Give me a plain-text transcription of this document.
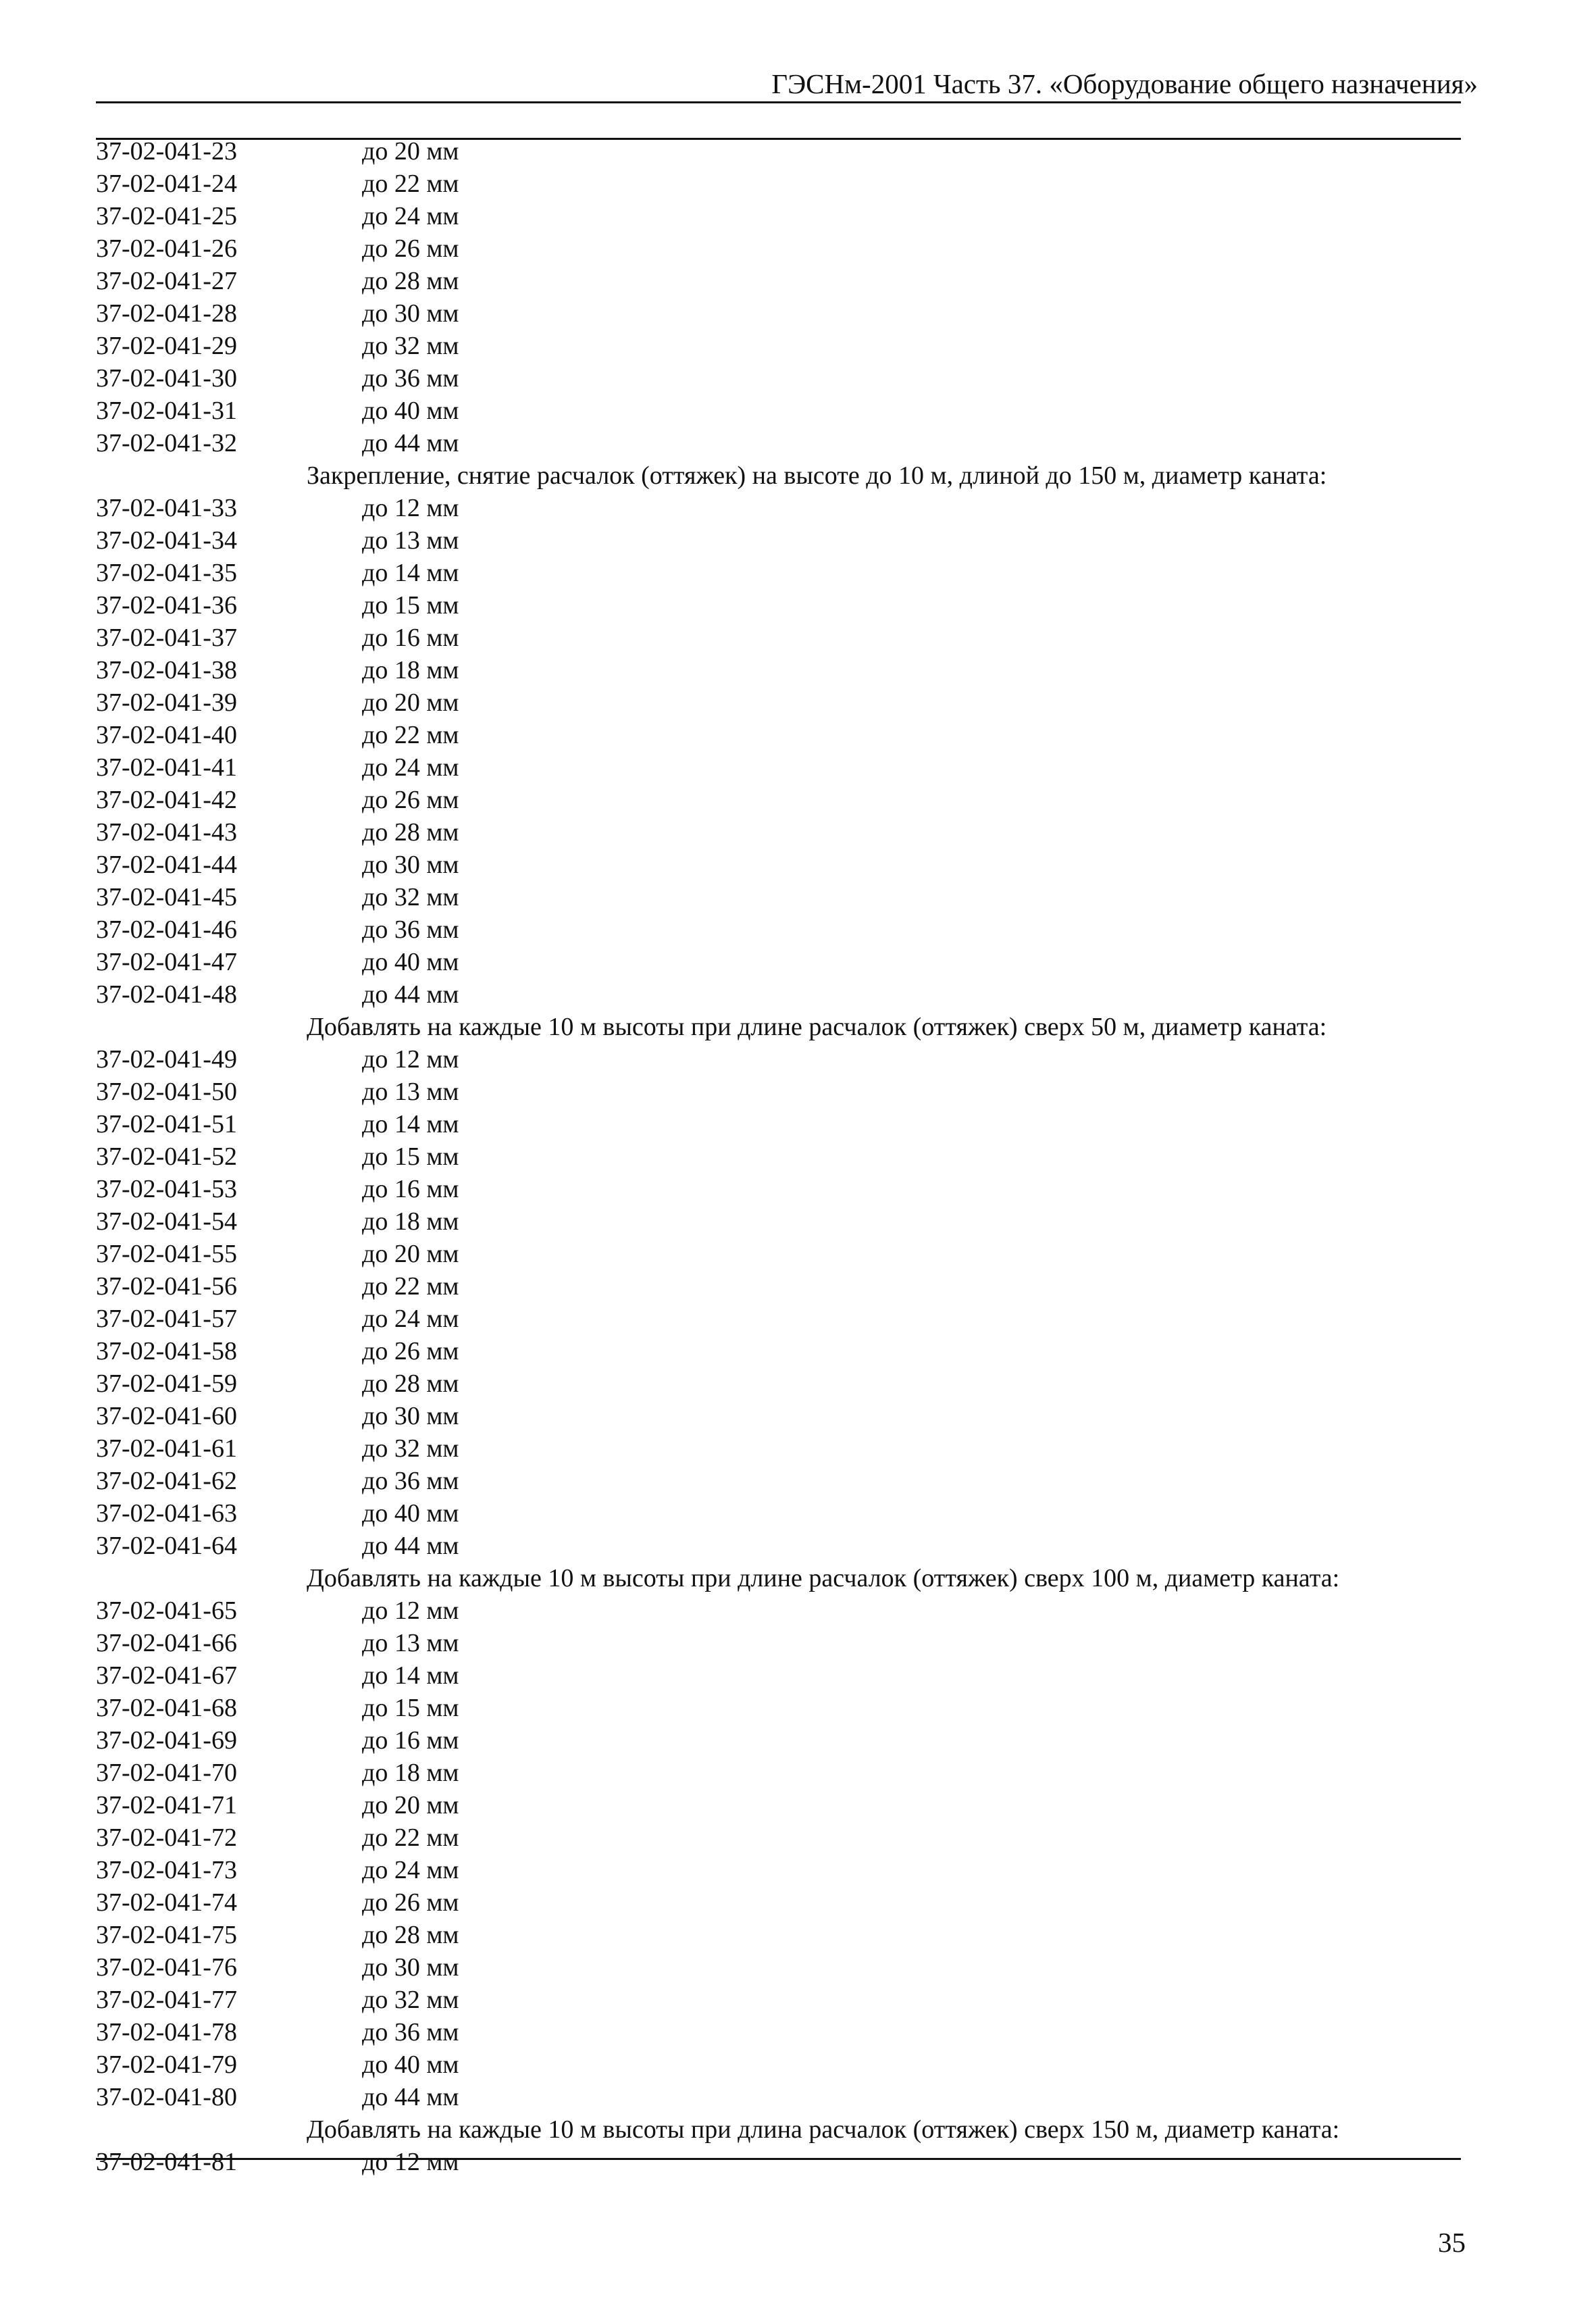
ГЭСНм-2001 Часть 37. «Оборудование общего назначения»
37-02-041-23	до 20 мм
37-02-041-24	до 22 мм
37-02-041-25	до 24 мм
37-02-041-26	до 26 мм
37-02-041-27	до 28 мм
37-02-041-28	до 30 мм
37-02-041-29	до 32 мм
37-02-041-30	до 36 мм
37-02-041-31	до 40 мм
37-02-041-32	до 44 мм
Закрепление, снятие расчалок (оттяжек) на высоте до 10 м, длиной до 150 м, диаметр каната:
37-02-041-33	до 12 мм
37-02-041-34	до 13 мм
37-02-041-35	до 14 мм
37-02-041-36	до 15 мм
37-02-041-37	до 16 мм
37-02-041-38	до 18 мм
37-02-041-39	до 20 мм
37-02-041-40	до 22 мм
37-02-041-41	до 24 мм
37-02-041-42	до 26 мм
37-02-041-43	до 28 мм
37-02-041-44	до 30 мм
37-02-041-45	до 32 мм
37-02-041-46	до 36 мм
37-02-041-47	до 40 мм
37-02-041-48	до 44 мм
Добавлять на каждые 10 м высоты при длине расчалок (оттяжек) сверх 50 м, диаметр каната:
37-02-041-49	до 12 мм
37-02-041-50	до 13 мм
37-02-041-51	до 14 мм
37-02-041-52	до 15 мм
37-02-041-53	до 16 мм
37-02-041-54	до 18 мм
37-02-041-55	до 20 мм
37-02-041-56	до 22 мм
37-02-041-57	до 24 мм
37-02-041-58	до 26 мм
37-02-041-59	до 28 мм
37-02-041-60	до 30 мм
37-02-041-61	до 32 мм
37-02-041-62	до 36 мм
37-02-041-63	до 40 мм
37-02-041-64	до 44 мм
Добавлять на каждые 10 м высоты при длине расчалок (оттяжек) сверх 100 м, диаметр каната:
37-02-041-65	до 12 мм
37-02-041-66	до 13 мм
37-02-041-67	до 14 мм
37-02-041-68	до 15 мм
37-02-041-69	до 16 мм
37-02-041-70	до 18 мм
37-02-041-71	до 20 мм
37-02-041-72	до 22 мм
37-02-041-73	до 24 мм
37-02-041-74	до 26 мм
37-02-041-75	до 28 мм
37-02-041-76	до 30 мм
37-02-041-77	до 32 мм
37-02-041-78	до 36 мм
37-02-041-79	до 40 мм
37-02-041-80	до 44 мм
Добавлять на каждые 10 м высоты при длина расчалок (оттяжек) сверх 150 м, диаметр каната:
37-02-041-81	до 12 мм
35
